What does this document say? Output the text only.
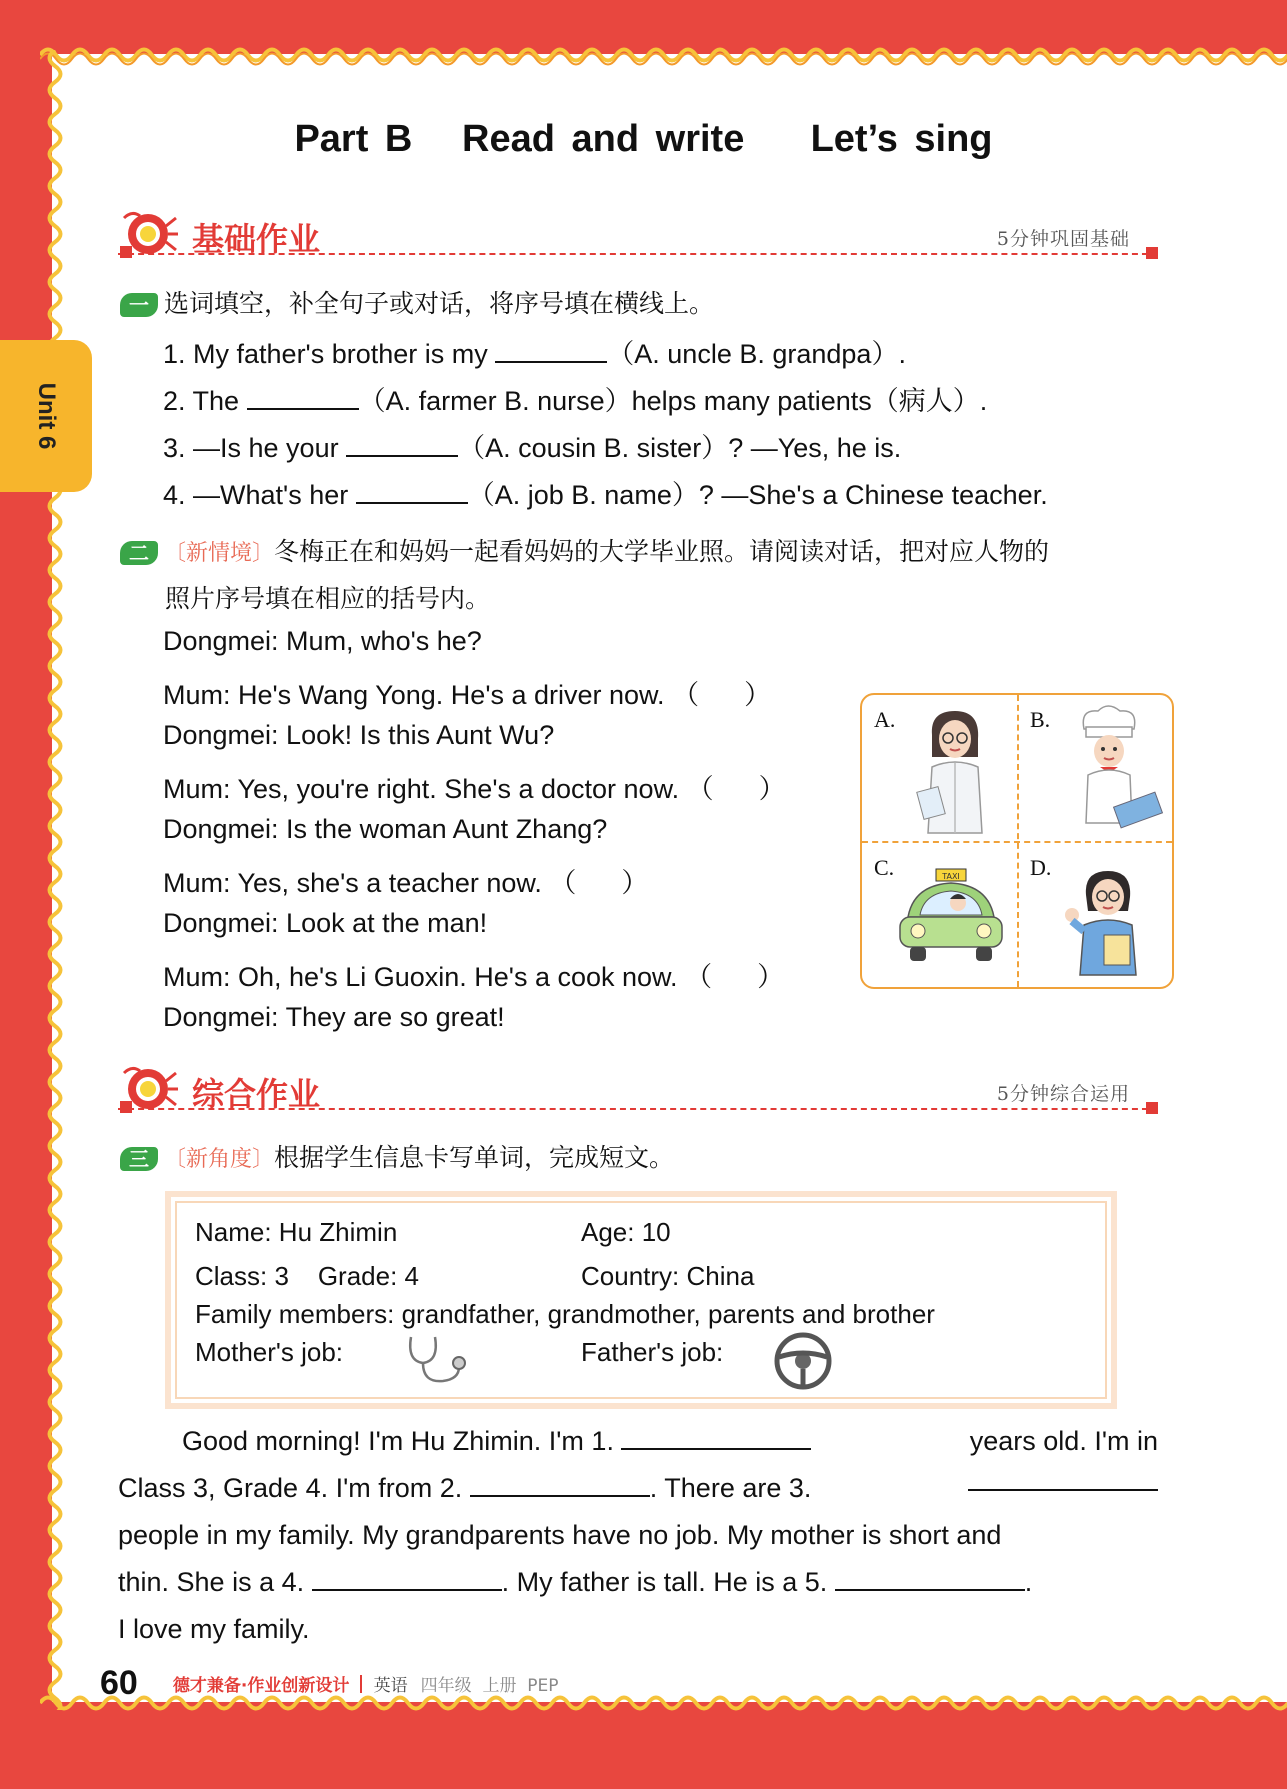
Unit 6
Part B   Read and write    Let’s sing
基础作业	5分钟巩固基础
一 选词填空，补全句子或对话，将序号填在横线上。
1. My father's brother is my	（A. uncle B. grandpa）.
2. The	（A. farmer B. nurse）helps many patients（病人）.
3. —Is he your	（A. cousin B. sister）? —Yes, he is.
4. —What's her	（A. job B. name）? —She's a Chinese teacher.
二 〔新情境〕冬梅正在和妈妈一起看妈妈的大学毕业照。请阅读对话，把对应人物的
照片序号填在相应的括号内。
Dongmei: Mum, who's he?
Mum: He's Wang Yong. He's a driver now. （      ）
Dongmei: Look! Is this Aunt Wu?
Mum: Yes, you're right. She's a doctor now. （      ）
Dongmei: Is the woman Aunt Zhang?
Mum: Yes, she's a teacher now. （      ）
Dongmei: Look at the man!
Mum: Oh, he's Li Guoxin. He's a cook now. （      ）
Dongmei: They are so great!
A.	B.
C.	D.
TAXI
综合作业	5分钟综合运用
三 〔新角度〕根据学生信息卡写单词，完成短文。
Name: Hu Zhimin	Age: 10
Class: 3    Grade: 4	Country: China
Family members: grandfather, grandmother, parents and brother
Mother's job:	Father's job:
Good morning! I'm Hu Zhimin. I'm 1.	years old. I'm in
Class 3, Grade 4. I'm from 2.	. There are 3.
people in my family. My grandparents have no job. My mother is short and
thin. She is a 4.	. My father is tall. He is a 5.	.
I love my family.
60 德才兼备·作业创新设计 英语 四年级  上册  PEP
